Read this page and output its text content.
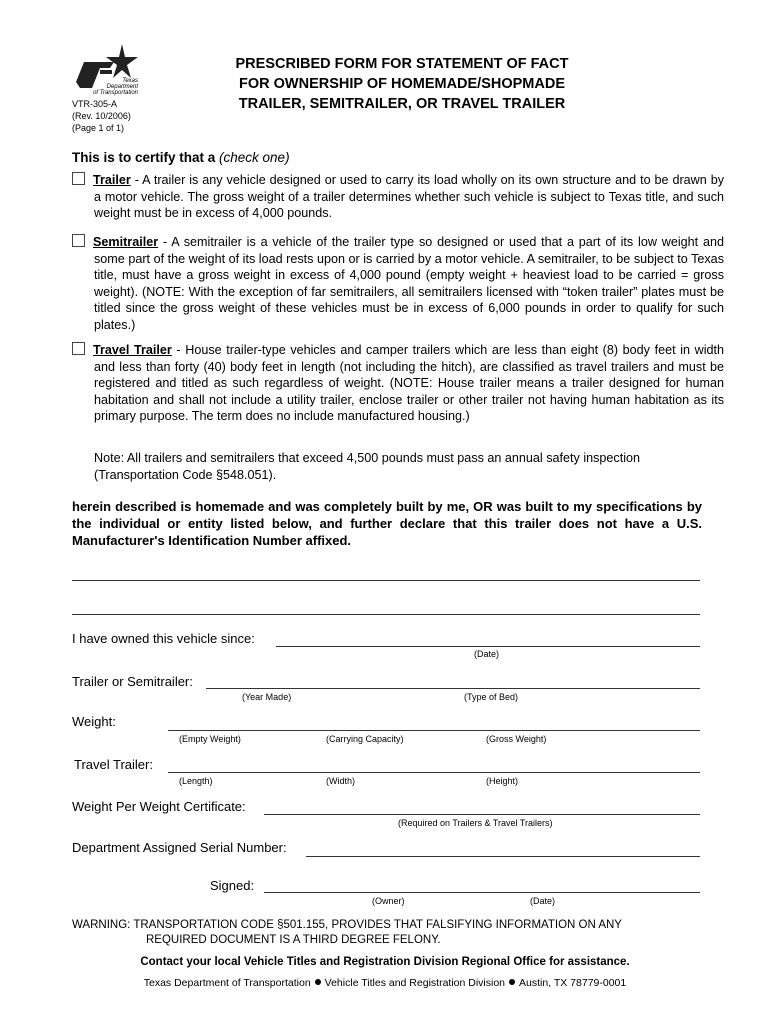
Texas
Department
of Transportation
VTR-305-A
(Rev. 10/2006)
(Page 1 of 1)
PRESCRIBED FORM FOR STATEMENT OF FACT
FOR OWNERSHIP OF HOMEMADE/SHOPMADE
TRAILER, SEMITRAILER, OR TRAVEL TRAILER
This is to certify that a (check one)
Trailer - A trailer is any vehicle designed or used to carry its load wholly on its own structure and to be drawn by a motor vehicle. The gross weight of a trailer determines whether such vehicle is subject to Texas title, and such weight must be in excess of 4,000 pounds.
Semitrailer - A semitrailer is a vehicle of the trailer type so designed or used that a part of its low weight and some part of the weight of its load rests upon or is carried by a motor vehicle. A semitrailer, to be subject to Texas title, must have a gross weight in excess of 4,000 pound (empty weight + heaviest load to be carried = gross weight). (NOTE: With the exception of far semitrailers, all semitrailers licensed with “token trailer” plates must be titled since the gross weight of these vehicles must be in excess of 6,000 pounds in order to qualify for such plates.)
Travel Trailer - House trailer-type vehicles and camper trailers which are less than eight (8) body feet in width and less than forty (40) body feet in length (not including the hitch), are classified as travel trailers and must be registered and titled as such regardless of weight. (NOTE: House trailer means a trailer designed for human habitation and shall not include a utility trailer, enclose trailer or other trailer not having human habitation as its primary purpose. The term does no include manufactured housing.)
Note: All trailers and semitrailers that exceed 4,500 pounds must pass an annual safety inspection (Transportation Code §548.051).
herein described is homemade and was completely built by me, OR was built to my specifications by the individual or entity listed below, and further declare that this trailer does not have a U.S. Manufacturer's Identification Number affixed.
I have owned this vehicle since:
(Date)
Trailer or Semitrailer:
(Year Made)	(Type of Bed)
Weight:
(Empty Weight)	(Carrying Capacity)	(Gross Weight)
Travel Trailer:
(Length)	(Width)	(Height)
Weight Per Weight Certificate:
(Required on Trailers & Travel Trailers)
Department Assigned Serial Number:
Signed:
(Owner)	(Date)
WARNING: TRANSPORTATION CODE §501.155, PROVIDES THAT FALSIFYING INFORMATION ON ANY
REQUIRED DOCUMENT IS A THIRD DEGREE FELONY.
Contact your local Vehicle Titles and Registration Division Regional Office for assistance.
Texas Department of Transportation Vehicle Titles and Registration Division Austin, TX 78779-0001
